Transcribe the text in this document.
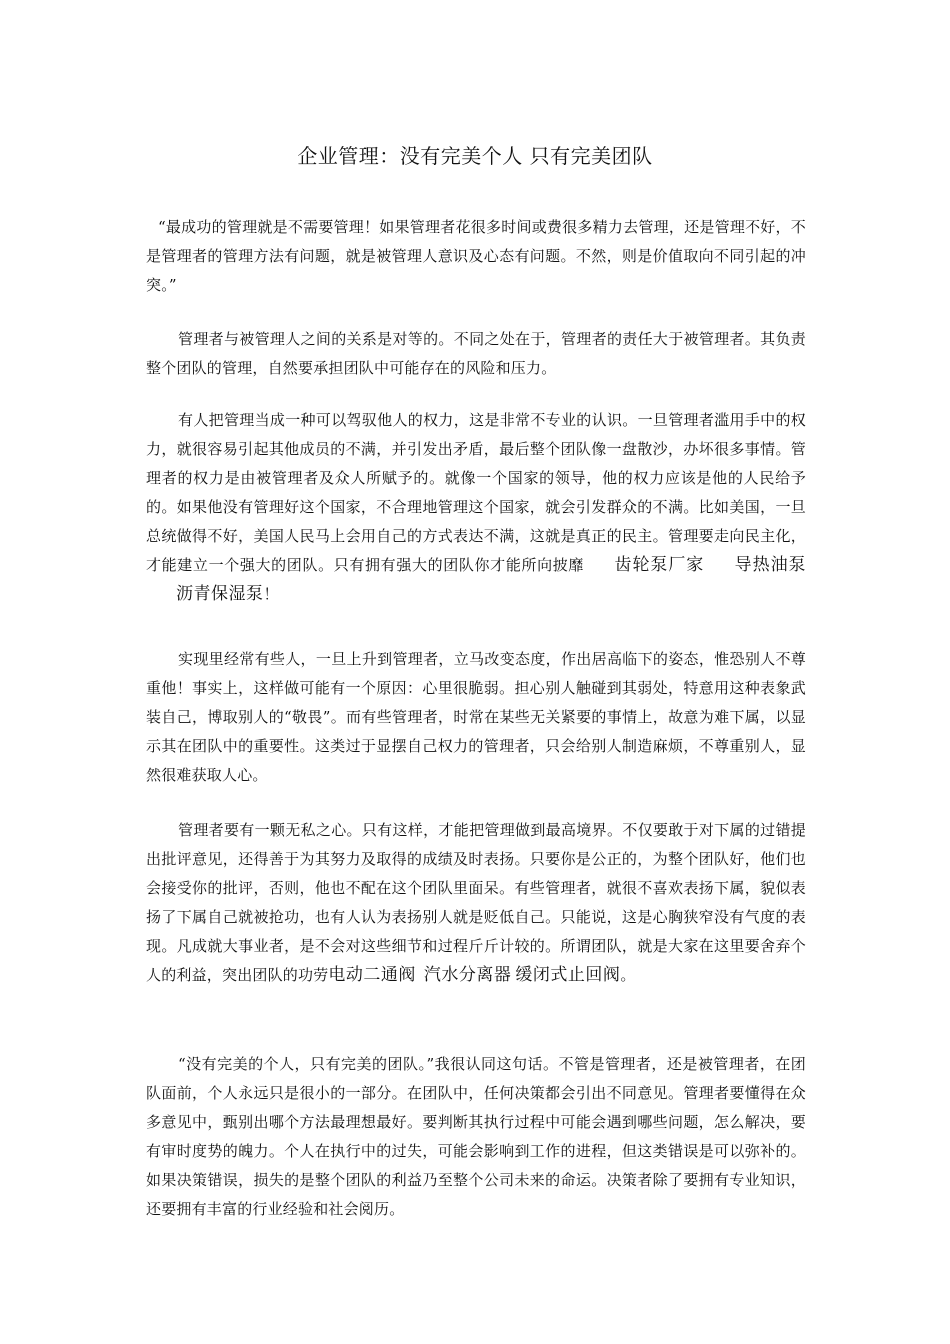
企业管理：没有完美个人 只有完美团队

“最成功的管理就是不需要管理！如果管理者花很多时间或费很多精力去管理，还是管理不好，不是管理者的管理方法有问题，就是被管理人意识及心态有问题。不然，则是价值取向不同引起的冲突。”

管理者与被管理人之间的关系是对等的。不同之处在于，管理者的责任大于被管理者。其负责整个团队的管理，自然要承担团队中可能存在的风险和压力。

有人把管理当成一种可以驾驭他人的权力，这是非常不专业的认识。一旦管理者滥用手中的权力，就很容易引起其他成员的不满，并引发出矛盾，最后整个团队像一盘散沙，办坏很多事情。管理者的权力是由被管理者及众人所赋予的。就像一个国家的领导，他的权力应该是他的人民给予的。如果他没有管理好这个国家，不合理地管理这个国家，就会引发群众的不满。比如美国，一旦总统做得不好，美国人民马上会用自己的方式表达不满，这就是真正的民主。管理要走向民主化，才能建立一个强大的团队。只有拥有强大的团队你才能所向披靡 齿轮泵厂家 导热油泵沥青保湿泵！

实现里经常有些人，一旦上升到管理者，立马改变态度，作出居高临下的姿态，惟恐别人不尊重他！事实上，这样做可能有一个原因：心里很脆弱。担心别人触碰到其弱处，特意用这种表象武装自己，博取别人的“敬畏”。而有些管理者，时常在某些无关紧要的事情上，故意为难下属，以显示其在团队中的重要性。这类过于显摆自己权力的管理者，只会给别人制造麻烦，不尊重别人，显然很难获取人心。

管理者要有一颗无私之心。只有这样，才能把管理做到最高境界。不仅要敢于对下属的过错提出批评意见，还得善于为其努力及取得的成绩及时表扬。只要你是公正的，为整个团队好，他们也会接受你的批评，否则，他也不配在这个团队里面呆。有些管理者，就很不喜欢表扬下属，貌似表扬了下属自己就被抢功，也有人认为表扬别人就是贬低自己。只能说，这是心胸狭窄没有气度的表现。凡成就大事业者，是不会对这些细节和过程斤斤计较的。所谓团队，就是大家在这里要舍弃个人的利益，突出团队的功劳电动二通阀 汽水分离器 缓闭式止回阀。

“没有完美的个人，只有完美的团队。”我很认同这句话。不管是管理者，还是被管理者，在团队面前，个人永远只是很小的一部分。在团队中，任何决策都会引出不同意见。管理者要懂得在众多意见中，甄别出哪个方法最理想最好。要判断其执行过程中可能会遇到哪些问题，怎么解决，要有审时度势的魄力。个人在执行中的过失，可能会影响到工作的进程，但这类错误是可以弥补的。如果决策错误，损失的是整个团队的利益乃至整个公司未来的命运。决策者除了要拥有专业知识，还要拥有丰富的行业经验和社会阅历。
